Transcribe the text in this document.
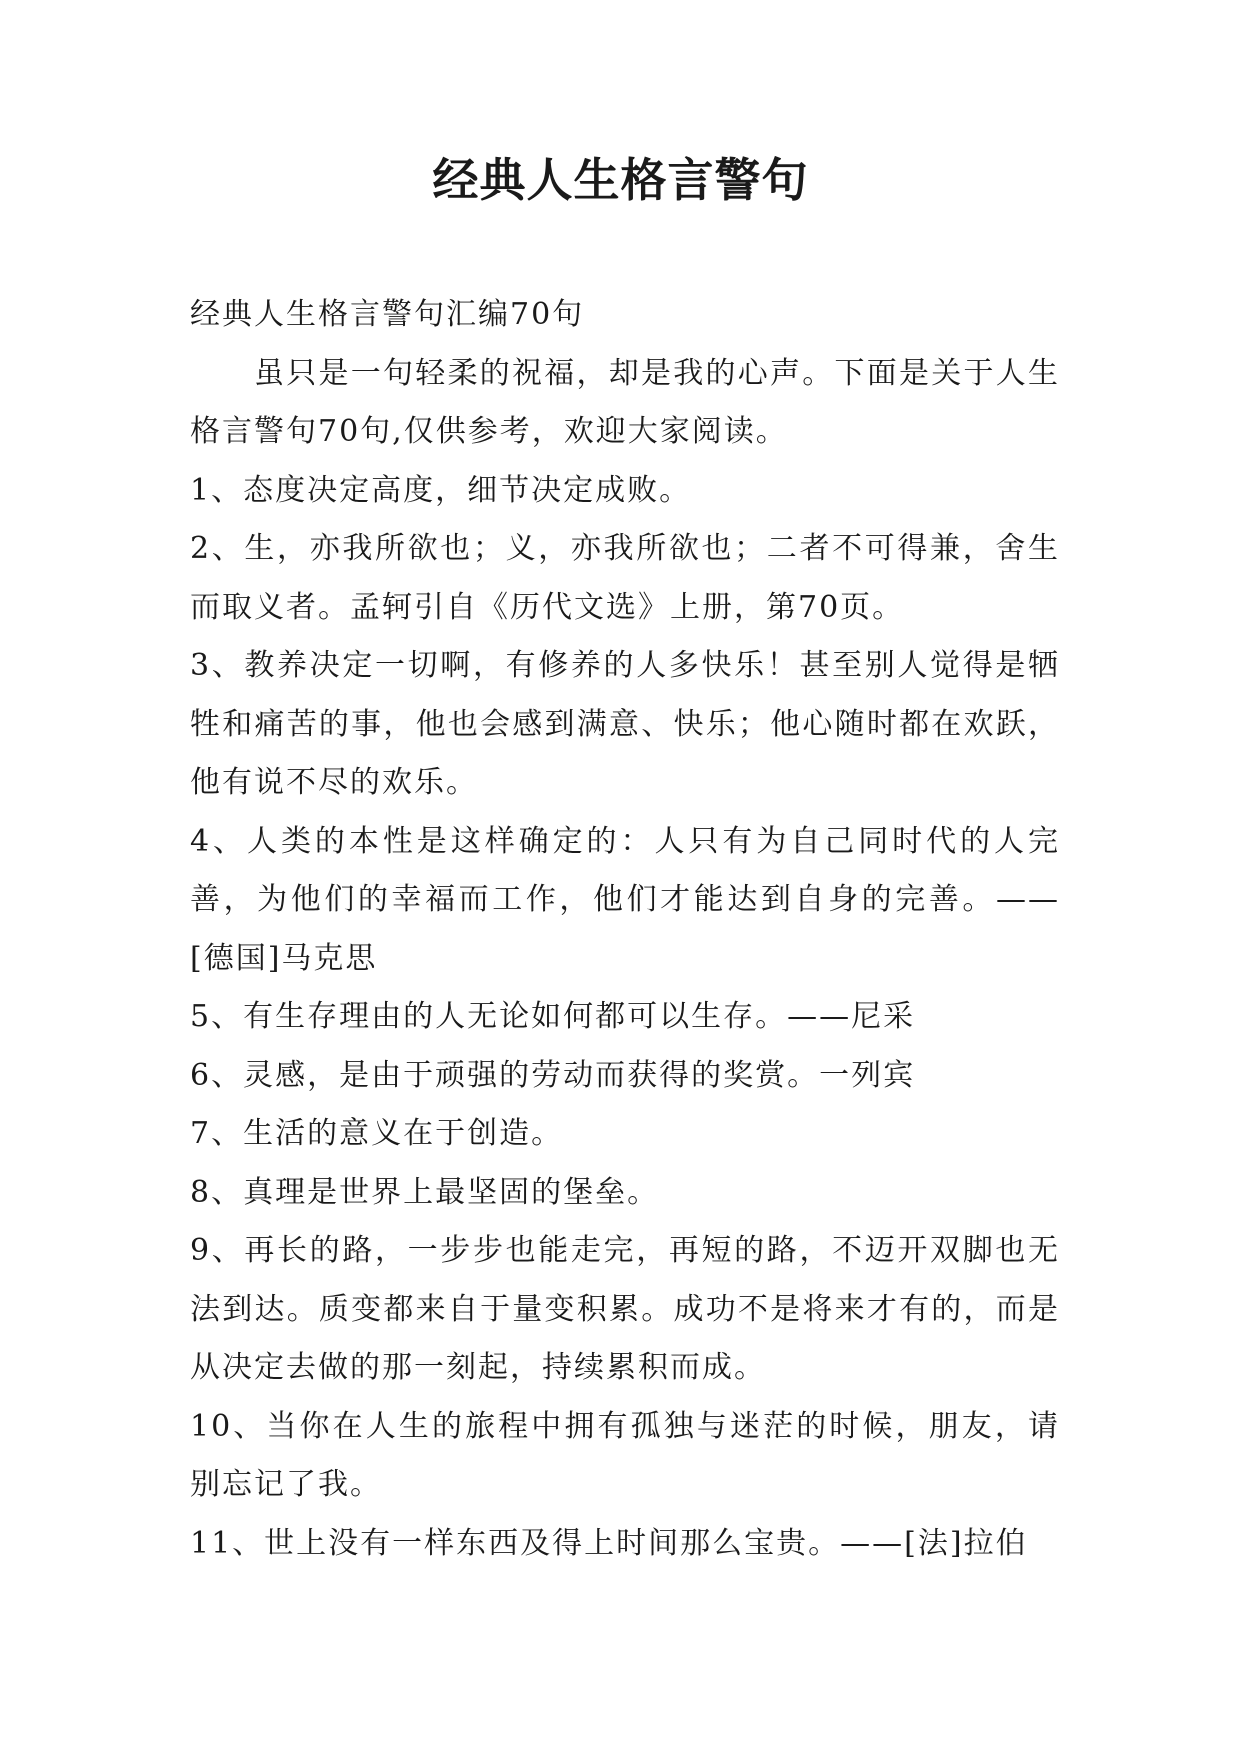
经典人生格言警句

经典人生格言警句汇编70句

虽只是一句轻柔的祝福，却是我的心声。下面是关于人生格言警句70句,仅供参考，欢迎大家阅读。

1、态度决定高度，细节决定成败。

2、生，亦我所欲也；义，亦我所欲也；二者不可得兼，舍生而取义者。孟轲引自《历代文选》上册，第70页。

3、教养决定一切啊，有修养的人多快乐！甚至别人觉得是牺牲和痛苦的事，他也会感到满意、快乐；他心随时都在欢跃，他有说不尽的欢乐。

4、人类的本性是这样确定的：人只有为自己同时代的人完善，为他们的幸福而工作，他们才能达到自身的完善。——[德国]马克思

5、有生存理由的人无论如何都可以生存。——尼采

6、灵感，是由于顽强的劳动而获得的奖赏。一列宾

7、生活的意义在于创造。

8、真理是世界上最坚固的堡垒。

9、再长的路，一步步也能走完，再短的路，不迈开双脚也无法到达。质变都来自于量变积累。成功不是将来才有的，而是从决定去做的那一刻起，持续累积而成。

10、当你在人生的旅程中拥有孤独与迷茫的时候，朋友，请别忘记了我。

11、世上没有一样东西及得上时间那么宝贵。——[法]拉伯
